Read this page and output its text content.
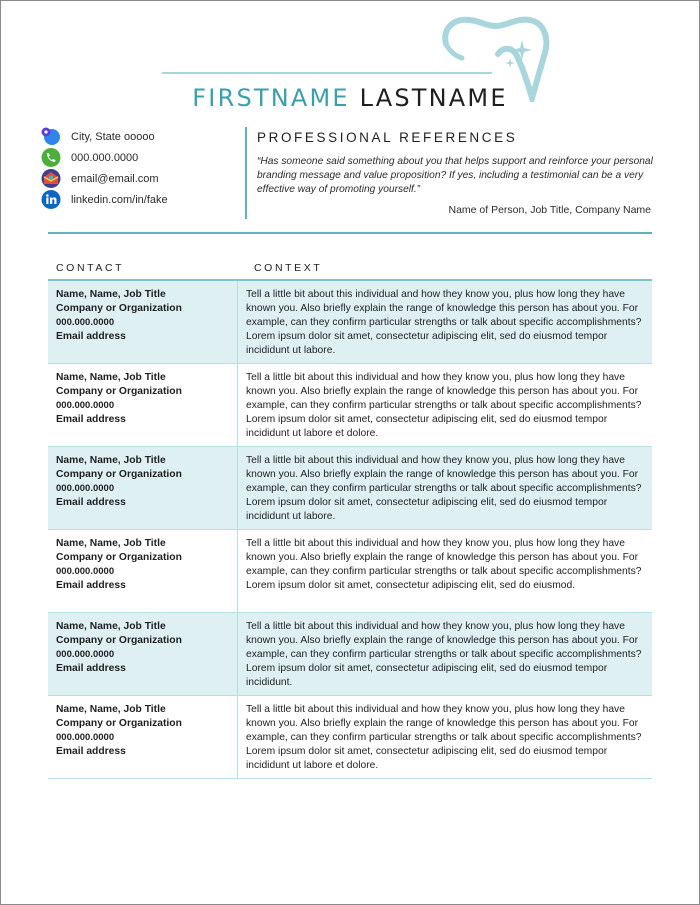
FIRSTNAME LASTNAME
City, State ooooo
000.000.0000
email@email.com
linkedin.com/in/fake
PROFESSIONAL REFERENCES
“Has someone said something about you that helps support and reinforce your personal branding message and value proposition? If yes, including a testimonial can be a very effective way of promoting yourself.”
Name of Person, Job Title, Company Name
CONTACT	CONTEXT
Name, Name, Job Title
Company or Organization
000.000.0000
Email address
Tell a little bit about this individual and how they know you, plus how long they have known you. Also briefly explain the range of knowledge this person has about you. For example, can they confirm particular strengths or talk about specific accomplishments? Lorem ipsum dolor sit amet, consectetur adipiscing elit, sed do eiusmod tempor incididunt ut labore.
Name, Name, Job Title
Company or Organization
000.000.0000
Email address
Tell a little bit about this individual and how they know you, plus how long they have known you. Also briefly explain the range of knowledge this person has about you. For example, can they confirm particular strengths or talk about specific accomplishments? Lorem ipsum dolor sit amet, consectetur adipiscing elit, sed do eiusmod tempor incididunt ut labore et dolore.
Name, Name, Job Title
Company or Organization
000.000.0000
Email address
Tell a little bit about this individual and how they know you, plus how long they have known you. Also briefly explain the range of knowledge this person has about you. For example, can they confirm particular strengths or talk about specific accomplishments? Lorem ipsum dolor sit amet, consectetur adipiscing elit, sed do eiusmod tempor incididunt ut labore.
Name, Name, Job Title
Company or Organization
000.000.0000
Email address
Tell a little bit about this individual and how they know you, plus how long they have known you. Also briefly explain the range of knowledge this person has about you. For example, can they confirm particular strengths or talk about specific accomplishments? Lorem ipsum dolor sit amet, consectetur adipiscing elit, sed do eiusmod.
Name, Name, Job Title
Company or Organization
000.000.0000
Email address
Tell a little bit about this individual and how they know you, plus how long they have known you. Also briefly explain the range of knowledge this person has about you. For example, can they confirm particular strengths or talk about specific accomplishments? Lorem ipsum dolor sit amet, consectetur adipiscing elit, sed do eiusmod tempor incididunt.
Name, Name, Job Title
Company or Organization
000.000.0000
Email address
Tell a little bit about this individual and how they know you, plus how long they have known you. Also briefly explain the range of knowledge this person has about you. For example, can they confirm particular strengths or talk about specific accomplishments? Lorem ipsum dolor sit amet, consectetur adipiscing elit, sed do eiusmod tempor incididunt ut labore et dolore.
